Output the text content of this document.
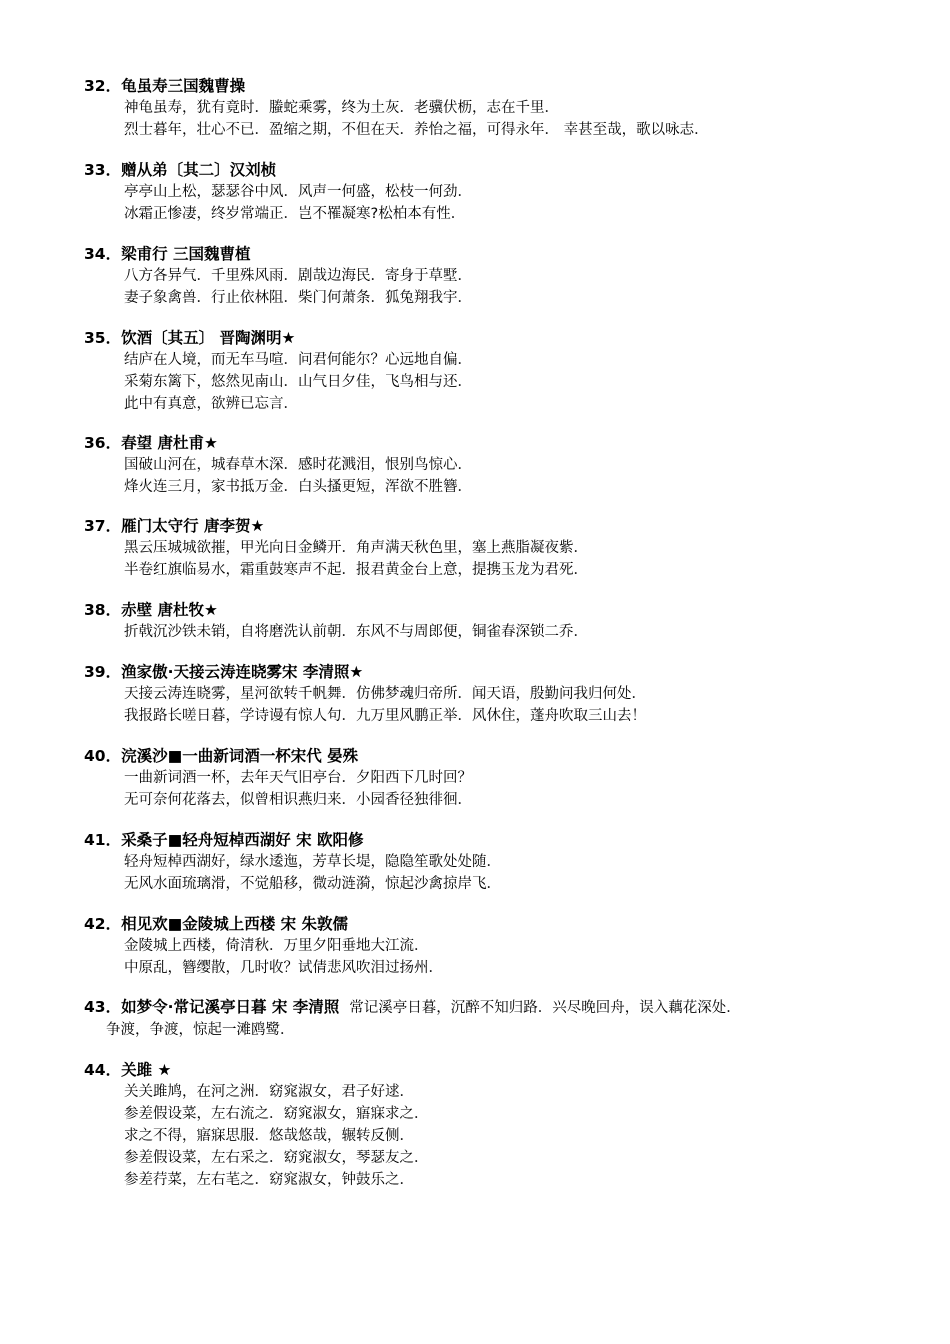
32．龟虽寿三国魏曹操
神龟虽寿，犹有竟时．螣蛇乘雾，终为土灰．老骥伏枥，志在千里．
烈士暮年，壮心不已．盈缩之期，不但在天．养怡之福，可得永年． 幸甚至哉，歌以咏志．
33．赠从弟〔其二〕汉刘桢
亭亭山上松，瑟瑟谷中风．风声一何盛，松枝一何劲．
冰霜正惨凄，终岁常端正．岂不罹凝寒?松柏本有性．
34．梁甫行 三国魏曹植
八方各异气．千里殊风雨．剧哉边海民．寄身于草墅．
妻子象禽兽．行止依林阻．柴门何萧条．狐兔翔我宇．
35．饮酒〔其五〕 晋陶渊明★
结庐在人境，而无车马喧．问君何能尔？心远地自偏．
采菊东篱下，悠然见南山．山气日夕佳，飞鸟相与还．
此中有真意，欲辨已忘言．
36．春望 唐杜甫★
国破山河在，城春草木深．感时花溅泪，恨别鸟惊心．
烽火连三月，家书抵万金．白头搔更短，浑欲不胜簪．
37．雁门太守行 唐李贺★
黑云压城城欲摧，甲光向日金鳞开．角声满天秋色里，塞上燕脂凝夜紫．
半卷红旗临易水，霜重鼓寒声不起．报君黄金台上意，提携玉龙为君死．
38．赤壁 唐杜牧★
折戟沉沙铁未销，自将磨洗认前朝．东风不与周郎便，铜雀春深锁二乔．
39．渔家傲·天接云涛连晓雾宋 李清照★
天接云涛连晓雾，星河欲转千帆舞．仿佛梦魂归帝所．闻天语，殷勤问我归何处．
我报路长嗟日暮，学诗谩有惊人句．九万里风鹏正举．风休住，蓬舟吹取三山去！
40．浣溪沙■一曲新词酒一杯宋代 晏殊
一曲新词酒一杯，去年天气旧亭台．夕阳西下几时回？
无可奈何花落去，似曾相识燕归来．小园香径独徘徊．
41．采桑子■轻舟短棹西湖好 宋 欧阳修
轻舟短棹西湖好，绿水逶迤，芳草长堤，隐隐笙歌处处随．
无风水面琉璃滑，不觉船移，微动涟漪，惊起沙禽掠岸飞．
42．相见欢■金陵城上西楼 宋 朱敦儒
金陵城上西楼，倚清秋．万里夕阳垂地大江流．
中原乱，簪缨散，几时收？试倩悲风吹泪过扬州．
43．如梦令·常记溪亭日暮 宋 李清照 常记溪亭日暮，沉醉不知归路．兴尽晚回舟，误入藕花深处．
争渡，争渡，惊起一滩鸥鹭．
44．关雎 ★
关关雎鸠，在河之洲．窈窕淑女，君子好逑．
参差假设菜，左右流之．窈窕淑女，寤寐求之．
求之不得，寤寐思服．悠哉悠哉，辗转反侧．
参差假设菜，左右采之．窈窕淑女，琴瑟友之．
参差荇菜，左右芼之．窈窕淑女，钟鼓乐之．
